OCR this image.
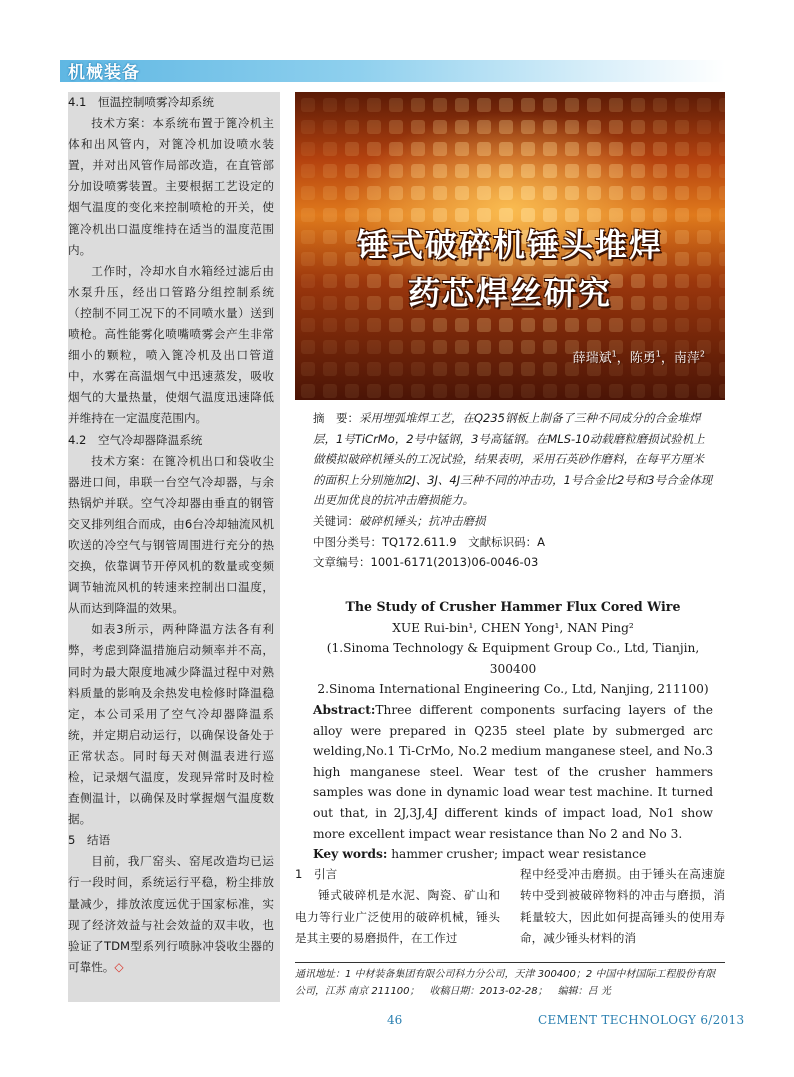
机械装备

4.1　恒温控制喷雾冷却系统

技术方案：本系统布置于篦冷机主体和出风管内，对篦冷机加设喷水装置，并对出风管作局部改造，在直管部分加设喷雾装置。主要根据工艺设定的烟气温度的变化来控制喷枪的开关，使篦冷机出口温度维持在适当的温度范围内。

工作时，冷却水自水箱经过滤后由水泵升压，经出口管路分组控制系统（控制不同工况下的不同喷水量）送到喷枪。高性能雾化喷嘴喷雾会产生非常细小的颗粒，喷入篦冷机及出口管道中，水雾在高温烟气中迅速蒸发，吸收烟气的大量热量，使烟气温度迅速降低并维持在一定温度范围内。

4.2　空气冷却器降温系统

技术方案：在篦冷机出口和袋收尘器进口间，串联一台空气冷却器，与余热锅炉并联。空气冷却器由垂直的钢管交叉排列组合而成，由6台冷却轴流风机吹送的冷空气与钢管周围进行充分的热交换，依靠调节开停风机的数量或变频调节轴流风机的转速来控制出口温度，从而达到降温的效果。

如表3所示，两种降温方法各有利弊，考虑到降温措施启动频率并不高，同时为最大限度地减少降温过程中对熟料质量的影响及余热发电检修时降温稳定，本公司采用了空气冷却器降温系统，并定期启动运行，以确保设备处于正常状态。同时每天对侧温表进行巡检，记录烟气温度，发现异常时及时检查侧温计，以确保及时掌握烟气温度数据。

5　结语

目前，我厂窑头、窑尾改造均已运行一段时间，系统运行平稳，粉尘排放量减少，排放浓度远优于国家标准，实现了经济效益与社会效益的双丰收，也验证了TDM型系列行喷脉冲袋收尘器的可靠性。◇

锤式破碎机锤头堆焊
药芯焊丝研究
薛瑞斌$^1$，陈勇$^1$，南萍$^2$

摘　要：采用埋弧堆焊工艺，在Q235钢板上制备了三种不同成分的合金堆焊层，1号TiCrMo，2号中锰钢，3号高锰钢。在MLS-10动载磨粒磨损试验机上做模拟破碎机锤头的工况试验，结果表明，采用石英砂作磨料，在每平方厘米的面积上分别施加2J、3J、4J三种不同的冲击功，1号合金比2号和3号合金体现出更加优良的抗冲击磨损能力。

关键词：破碎机锤头；抗冲击磨损

中图分类号：TQ172.611.9　 文献标识码：A

文章编号：1001-6171(2013)06-0046-03

The Study of Crusher Hammer Flux Cored Wire

XUE Rui-bin¹, CHEN Yong¹, NAN Ping²

(1.Sinoma Technology & Equipment Group Co., Ltd, Tianjin, 300400

2.Sinoma International Engineering Co., Ltd, Nanjing, 211100)

Abstract:Three different components surfacing layers of the alloy were prepared in Q235 steel plate by submerged arc welding,No.1 Ti-CrMo, No.2 medium manganese steel, and No.3 high manganese steel. Wear test of the crusher hammers samples was done in dynamic load wear test machine. It turned out that, in 2J,3J,4J different kinds of impact load, No1 show more excellent impact wear resistance than No 2 and No 3.

Key words: hammer crusher; impact wear resistance

1　引言

锤式破碎机是水泥、陶瓷、矿山和电力等行业广泛使用的破碎机械，锤头是其主要的易磨损件，在工作过

程中经受冲击磨损。由于锤头在高速旋转中受到被破碎物料的冲击与磨损，消耗量较大，因此如何提高锤头的使用寿命，减少锤头材料的消

通讯地址：1 中材装备集团有限公司科力分公司，天津 300400；2 中国中材国际工程股份有限公司，江苏 南京 211100；　收稿日期：2013-02-28；　编辑：吕 光
46	CEMENT TECHNOLOGY 6/2013
